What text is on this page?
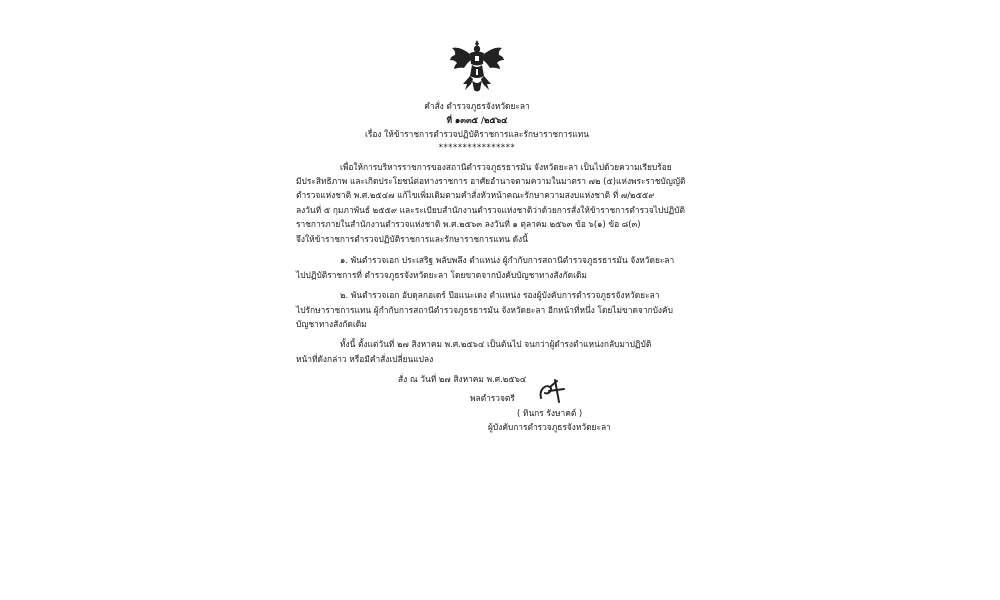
คำสั่ง ตำรวจภูธรจังหวัดยะลา
ที่ ๑๓๓๕ /๒๕๖๔
เรื่อง ให้ข้าราชการตำรวจปฏิบัติราชการและรักษาราชการแทน
****************
เพื่อให้การบริหารราชการของสถานีตำรวจภูธรธารมัน จังหวัดยะลา เป็นไปด้วยความเรียบร้อย
มีประสิทธิภาพ และเกิดประโยชน์ต่อทางราชการ อาศัยอำนาจตามความในมาตรา ๗๒ (๕)แห่งพระราชบัญญัติ
ตำรวจแห่งชาติ พ.ศ.๒๕๔๗ แก้ไขเพิ่มเติมตามคำสั่งหัวหน้าคณะรักษาความสงบแห่งชาติ ที่ ๗/๒๕๕๙
ลงวันที่ ๕ กุมภาพันธ์ ๒๕๕๙ และระเบียบสำนักงานตำรวจแห่งชาติว่าด้วยการสั่งให้ข้าราชการตำรวจไปปฏิบัติ
ราชการภายในสำนักงานตำรวจแห่งชาติ พ.ศ.๒๕๖๓ ลงวันที่ ๑ ตุลาคม ๒๕๖๓ ข้อ ๖(๑) ข้อ ๘(๓)
จึงให้ข้าราชการตำรวจปฏิบัติราชการและรักษาราชการแทน ดังนี้
๑. พันตำรวจเอก ประเสริฐ พลับพลึง ตำแหน่ง ผู้กำกับการสถานีตำรวจภูธรธารมัน จังหวัดยะลา
ไปปฏิบัติราชการที่ ตำรวจภูธรจังหวัดยะลา โดยขาดจากบังคับบัญชาทางสังกัดเดิม
๒. พันตำรวจเอก อับดุลกอเดร์ ป๊อแนะเดง ตำแหน่ง รองผู้บังคับการตำรวจภูธรจังหวัดยะลา
ไปรักษาราชการแทน ผู้กำกับการสถานีตำรวจภูธรธารมัน จังหวัดยะลา อีกหน้าที่หนึ่ง โดยไม่ขาดจากบังคับ
บัญชาทางสังกัดเดิม
ทั้งนี้ ตั้งแต่วันที่ ๒๗ สิงหาคม พ.ศ.๒๕๖๔ เป็นต้นไป จนกว่าผู้ดำรงตำแหน่งกลับมาปฏิบัติ
หน้าที่ดังกล่าว หรือมีคำสั่งเปลี่ยนแปลง
สั่ง ณ วันที่ ๒๗ สิงหาคม พ.ศ.๒๕๖๔
พลตำรวจตรี
( ทินกร รังษาคต์ )
ผู้บังคับการตำรวจภูธรจังหวัดยะลา
